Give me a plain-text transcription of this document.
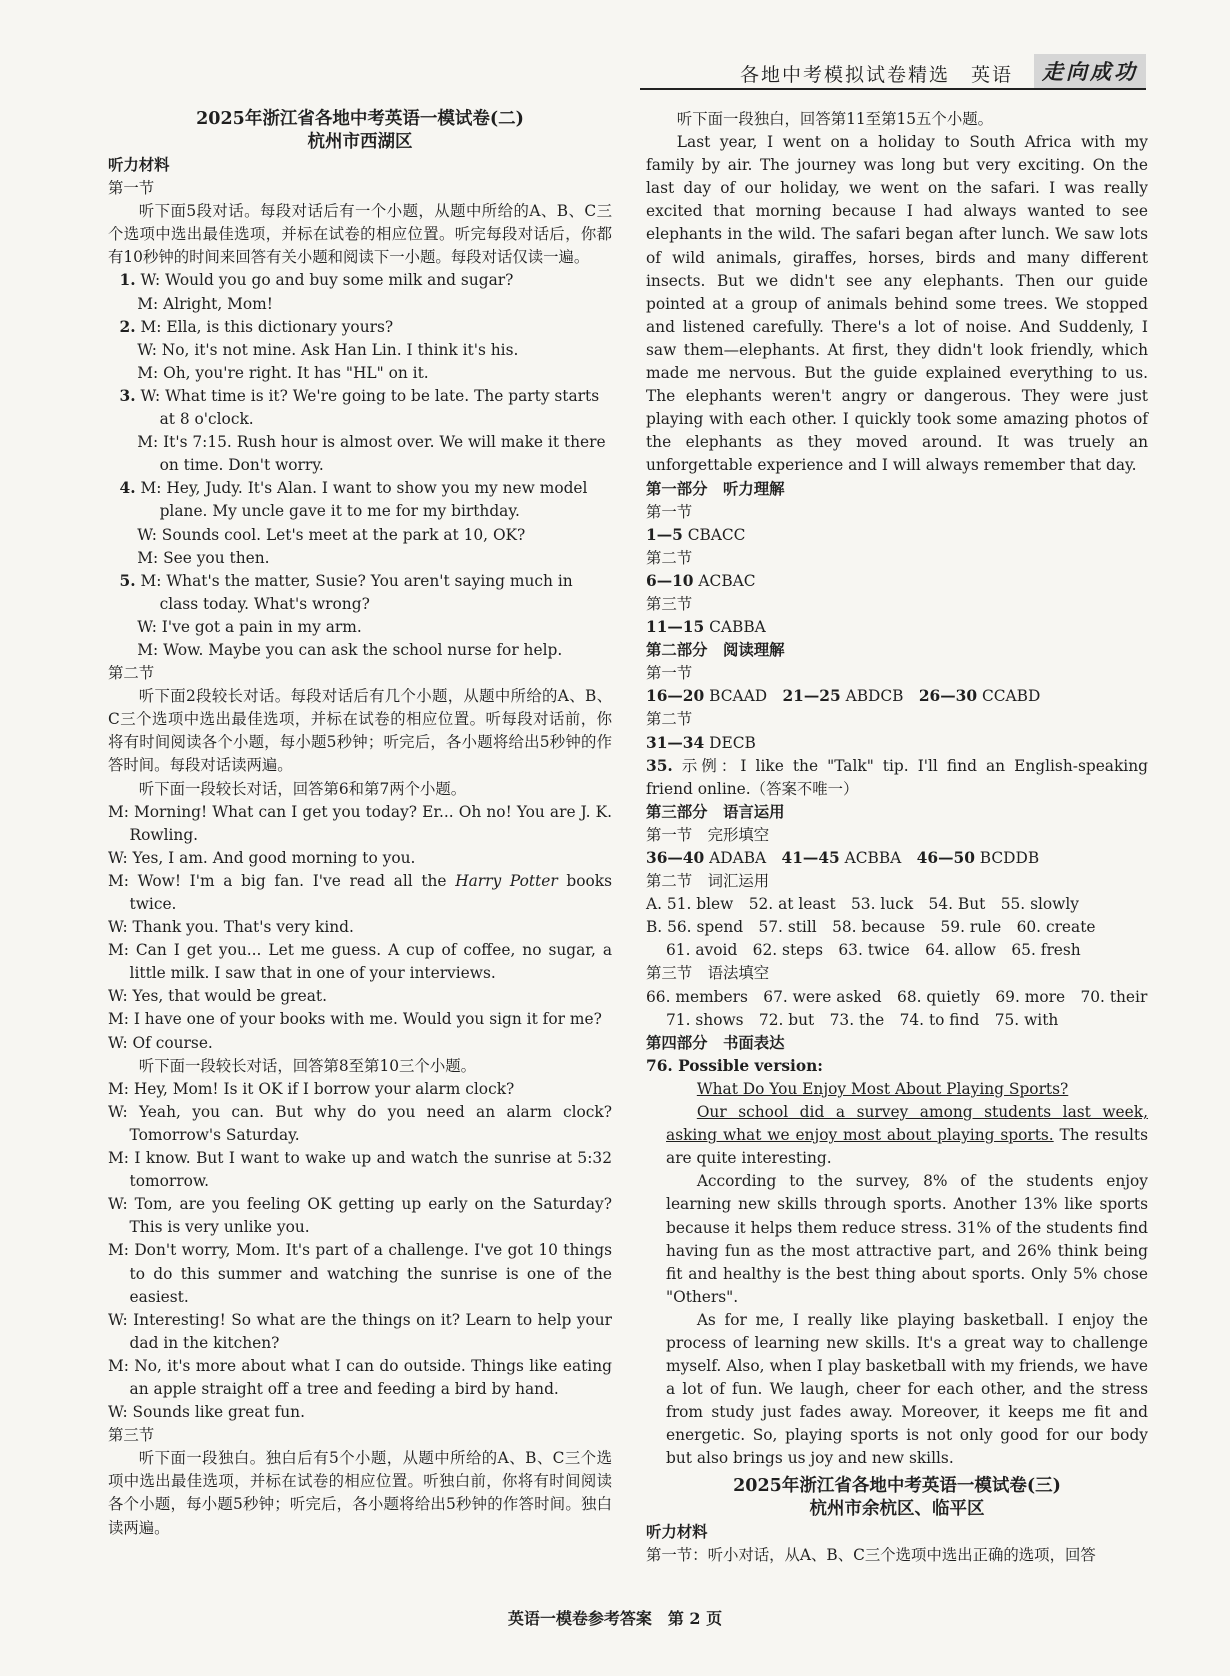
各地中考模拟试卷精选　英语	走向成功

2025年浙江省各地中考英语一模试卷(二)

杭州市西湖区

听力材料

第一节

听下面5段对话。每段对话后有一个小题，从题中所给的A、B、C三个选项中选出最佳选项，并标在试卷的相应位置。听完每段对话后，你都有10秒钟的时间来回答有关小题和阅读下一小题。每段对话仅读一遍。

1. W: Would you go and buy some milk and sugar?

M: Alright, Mom!

2. M: Ella, is this dictionary yours?

W: No, it's not mine. Ask Han Lin. I think it's his.

M: Oh, you're right. It has "HL" on it.

3. W: What time is it? We're going to be late. The party starts at 8 o'clock.

M: It's 7:15. Rush hour is almost over. We will make it there on time. Don't worry.

4. M: Hey, Judy. It's Alan. I want to show you my new model plane. My uncle gave it to me for my birthday.

W: Sounds cool. Let's meet at the park at 10, OK?

M: See you then.

5. M: What's the matter, Susie? You aren't saying much in class today. What's wrong?

W: I've got a pain in my arm.

M: Wow. Maybe you can ask the school nurse for help.

第二节

听下面2段较长对话。每段对话后有几个小题，从题中所给的A、B、C三个选项中选出最佳选项，并标在试卷的相应位置。听每段对话前，你将有时间阅读各个小题，每小题5秒钟；听完后，各小题将给出5秒钟的作答时间。每段对话读两遍。

听下面一段较长对话，回答第6和第7两个小题。

M: Morning! What can I get you today? Er... Oh no! You are J. K. Rowling.

W: Yes, I am. And good morning to you.

M: Wow! I'm a big fan. I've read all the Harry Potter books twice.

W: Thank you. That's very kind.

M: Can I get you... Let me guess. A cup of coffee, no sugar, a little milk. I saw that in one of your interviews.

W: Yes, that would be great.

M: I have one of your books with me. Would you sign it for me?

W: Of course.

听下面一段较长对话，回答第8至第10三个小题。

M: Hey, Mom! Is it OK if I borrow your alarm clock?

W: Yeah, you can. But why do you need an alarm clock? Tomorrow's Saturday.

M: I know. But I want to wake up and watch the sunrise at 5:32 tomorrow.

W: Tom, are you feeling OK getting up early on the Saturday? This is very unlike you.

M: Don't worry, Mom. It's part of a challenge. I've got 10 things to do this summer and watching the sunrise is one of the easiest.

W: Interesting! So what are the things on it? Learn to help your dad in the kitchen?

M: No, it's more about what I can do outside. Things like eating an apple straight off a tree and feeding a bird by hand.

W: Sounds like great fun.

第三节

听下面一段独白。独白后有5个小题，从题中所给的A、B、C三个选项中选出最佳选项，并标在试卷的相应位置。听独白前，你将有时间阅读各个小题，每小题5秒钟；听完后，各小题将给出5秒钟的作答时间。独白读两遍。

听下面一段独白，回答第11至第15五个小题。

Last year, I went on a holiday to South Africa with my family by air. The journey was long but very exciting. On the last day of our holiday, we went on the safari. I was really excited that morning because I had always wanted to see elephants in the wild. The safari began after lunch. We saw lots of wild animals, giraffes, horses, birds and many different insects. But we didn't see any elephants. Then our guide pointed at a group of animals behind some trees. We stopped and listened carefully. There's a lot of noise. And Suddenly, I saw them—elephants. At first, they didn't look friendly, which made me nervous. But the guide explained everything to us. The elephants weren't angry or dangerous. They were just playing with each other. I quickly took some amazing photos of the elephants as they moved around. It was truely an unforgettable experience and I will always remember that day.

第一部分　听力理解

第一节

1—5 CBACC

第二节

6—10 ACBAC

第三节

11—15 CABBA

第二部分　阅读理解

第一节

16—20 BCAAD　21—25 ABDCB　26—30 CCABD

第二节

31—34 DECB

35. 示例：I like the "Talk" tip. I'll find an English-speaking friend online.（答案不唯一）

第三部分　语言运用

第一节　完形填空

36—40 ADABA　41—45 ACBBA　46—50 BCDDB

第二节　词汇运用

A. 51. blew　52. at least　53. luck　54. But　55. slowly

B. 56. spend　57. still　58. because　59. rule　60. create

61. avoid　62. steps　63. twice　64. allow　65. fresh

第三节　语法填空

66. members　67. were asked　68. quietly　69. more　70. their

71. shows　72. but　73. the　74. to find　75. with

第四部分　书面表达

76. Possible version:

What Do You Enjoy Most About Playing Sports?

Our school did a survey among students last week, asking what we enjoy most about playing sports. The results are quite interesting.

According to the survey, 8% of the students enjoy learning new skills through sports. Another 13% like sports because it helps them reduce stress. 31% of the students find having fun as the most attractive part, and 26% think being fit and healthy is the best thing about sports. Only 5% chose "Others".

As for me, I really like playing basketball. I enjoy the process of learning new skills. It's a great way to challenge myself. Also, when I play basketball with my friends, we have a lot of fun. We laugh, cheer for each other, and the stress from study just fades away. Moreover, it keeps me fit and energetic. So, playing sports is not only good for our body but also brings us joy and new skills.

2025年浙江省各地中考英语一模试卷(三)

杭州市余杭区、临平区

听力材料

第一节：听小对话，从A、B、C三个选项中选出正确的选项，回答

英语一模卷参考答案　第 2 页
